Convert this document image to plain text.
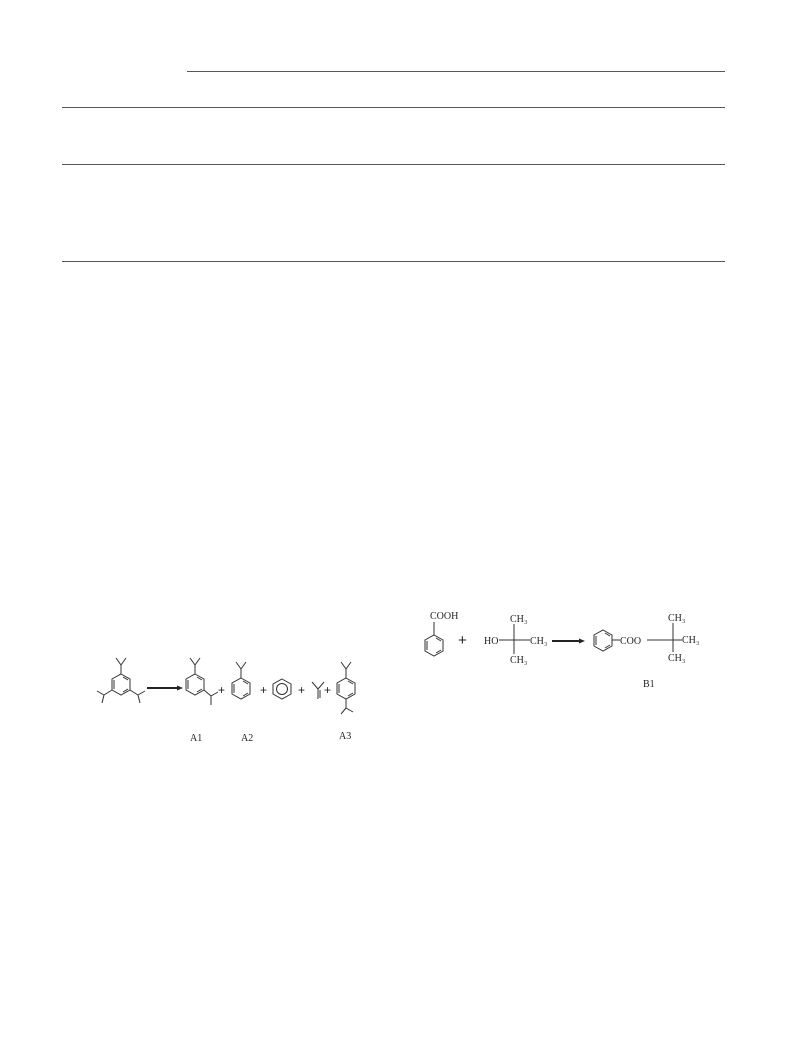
+	+	+ +
A1	A2	A3
COOH
+ HO
CH₃
CH₃
CH₃
COO
CH₃
CH₃
CH₃
B1
